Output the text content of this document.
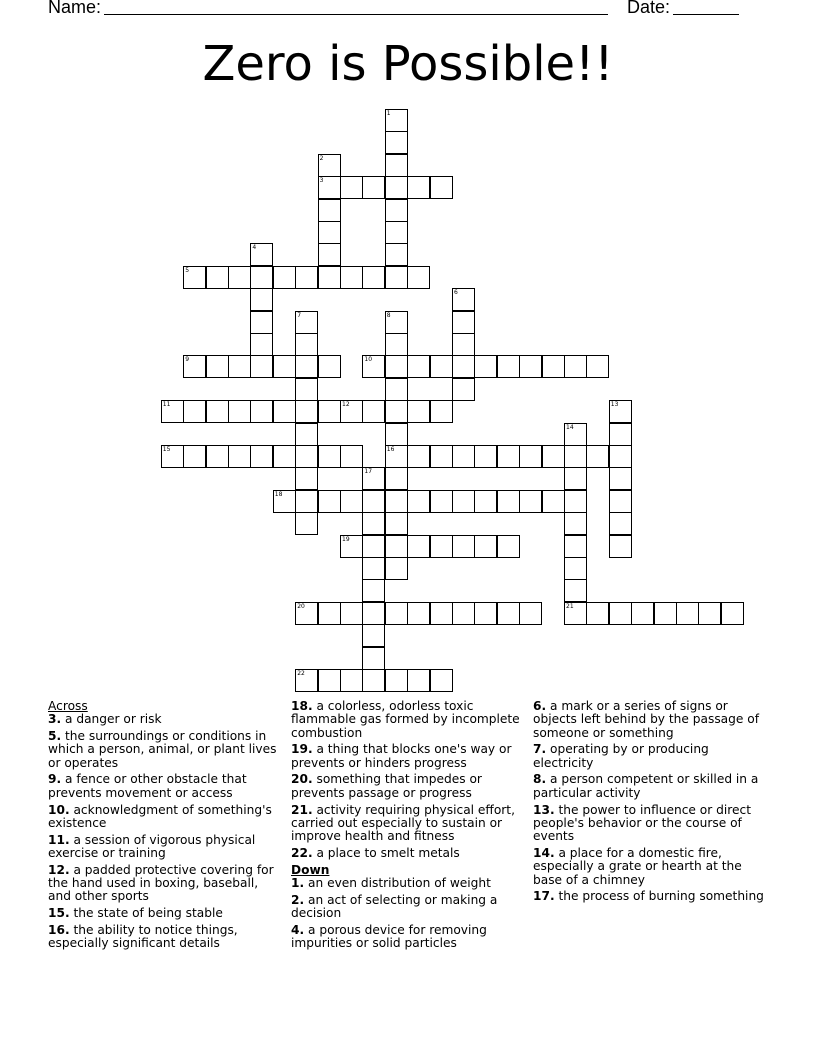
Name:	Date:
Zero is Possible!!
1
2
3
4
5
6
7	8
9	10
11	12	13
14
15	16
17
18
19
20	21
22
Across
3. a danger or risk
5. the surroundings or conditions in which a person, animal, or plant lives or operates
9. a fence or other obstacle that prevents movement or access
10. acknowledgment of something's existence
11. a session of vigorous physical exercise or training
12. a padded protective covering for the hand used in boxing, baseball, and other sports
15. the state of being stable
16. the ability to notice things, especially significant details
18. a colorless, odorless toxic flammable gas formed by incomplete combustion
19. a thing that blocks one's way or prevents or hinders progress
20. something that impedes or prevents passage or progress
21. activity requiring physical effort, carried out especially to sustain or improve health and fitness
22. a place to smelt metals
Down
1. an even distribution of weight
2. an act of selecting or making a decision
4. a porous device for removing impurities or solid particles
6. a mark or a series of signs or objects left behind by the passage of someone or something
7. operating by or producing electricity
8. a person competent or skilled in a particular activity
13. the power to influence or direct people's behavior or the course of events
14. a place for a domestic fire, especially a grate or hearth at the base of a chimney
17. the process of burning something
